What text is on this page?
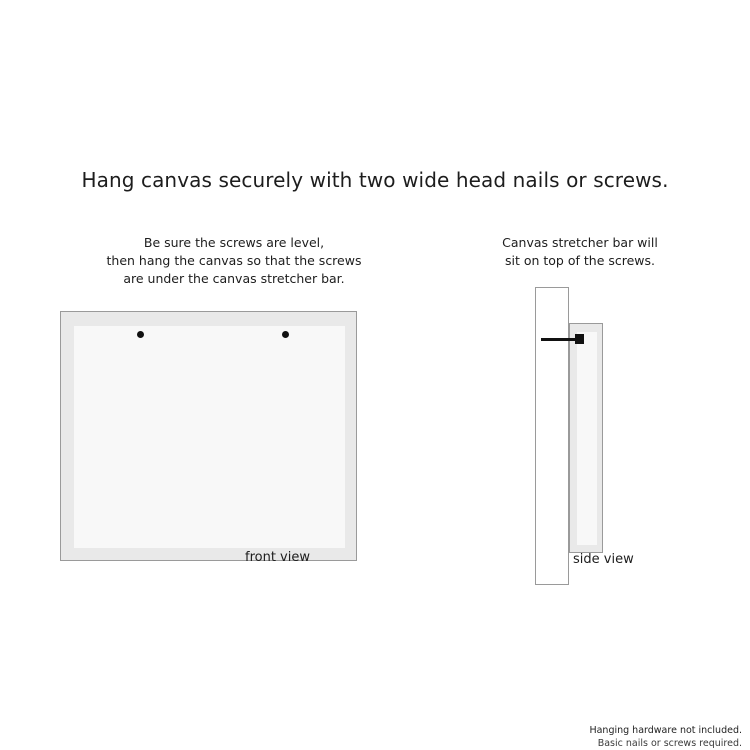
Hang canvas securely with two wide head nails or screws.
Be sure the screws are level,
then hang the canvas so that the screws
are under the canvas stretcher bar.
Canvas stretcher bar will
sit on top of the screws.
front view	side view
Hanging hardware not included.
Basic nails or screws required.
